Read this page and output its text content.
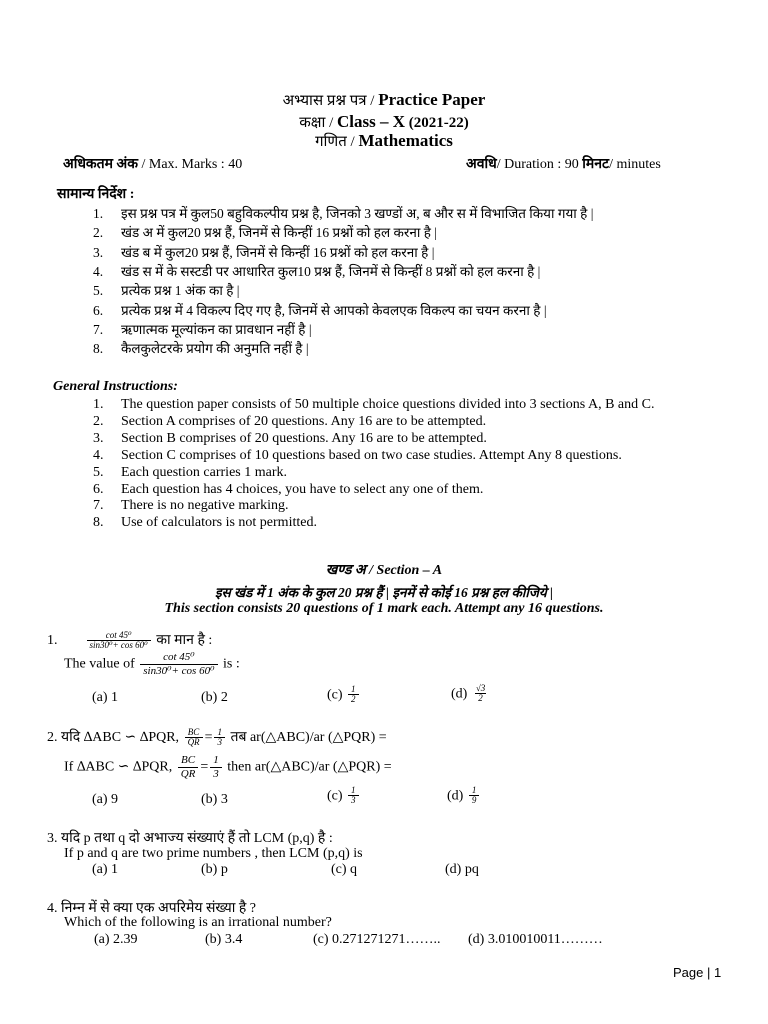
अभ्यास प्रश्न पत्र / Practice Paper
कक्षा / Class – X (2021-22)
गणित / Mathematics
अधिकतम अंक / Max. Marks : 40	अवधि/ Duration : 90 मिनट/ minutes
सामान्य निर्देश :
1. इस प्रश्न पत्र में कुल50 बहुविकल्पीय प्रश्न है, जिनको 3 खण्डों अ, ब और स में विभाजित किया गया है |
2. खंड अ में कुल20 प्रश्न हैं, जिनमें से किन्हीं 16 प्रश्नों को हल करना है |
3. खंड ब में कुल20 प्रश्न हैं, जिनमें से किन्हीं 16 प्रश्नों को हल करना है |
4. खंड स में के सस्टडी पर आधारित कुल10 प्रश्न हैं, जिनमें से किन्हीं 8 प्रश्नों को हल करना है |
5. प्रत्येक प्रश्न 1 अंक का है |
6. प्रत्येक प्रश्न में 4 विकल्प दिए गए है, जिनमें से आपको केवलएक विकल्प का चयन करना है |
7. ऋणात्मक मूल्यांकन का प्रावधान नहीं है |
8. कैलकुलेटरके प्रयोग की अनुमति नहीं है |
General Instructions:
1. The question paper consists of 50 multiple choice questions divided into 3 sections A, B and C.
2. Section A comprises of 20 questions. Any 16 are to be attempted.
3. Section B comprises of 20 questions. Any 16 are to be attempted.
4. Section C comprises of 10 questions based on two case studies. Attempt Any 8 questions.
5. Each question carries 1 mark.
6. Each question has 4 choices, you have to select any one of them.
7. There is no negative marking.
8. Use of calculators is not permitted.
खण्ड अ / Section – A
इस खंड में 1 अंक के कुल 20 प्रश्न हैं | इनमें से कोई 16 प्रश्न हल कीजिये |
This section consists 20 questions of 1 mark each. Attempt any 16 questions.
1.	$\frac{\text{cot 45⁰}}{\text{sin30⁰+ cos 60⁰}}$ का मान है :
The value of $\frac{\text{cot 45⁰}}{\text{sin30⁰+ cos 60⁰}}$ is :
(a) 1	(b) 2	$(c) \frac{1}{2}$	$(d) \frac{√3}{2}$
2. यदि ∆ABC ∽ ∆PQR, $\frac{BC}{QR} = \frac{1}{3}$ तब ar(△ABC)/ar (△PQR) =
If ∆ABC ∽ ∆PQR, $\frac{BC}{QR} = \frac{1}{3}$ then ar(△ABC)/ar (△PQR) =
(a) 9	(b) 3	$(c) \frac{1}{3}$	$(d) \frac{1}{9}$
3. यदि p तथा q दो अभाज्य संख्याएं हैं तो LCM (p,q) है :
If p and q are two prime numbers , then LCM (p,q) is
(a) 1	(b) p	(c) q	(d) pq
4. निम्न में से क्या एक अपरिमेय संख्या है ?
Which of the following is an irrational number?
(a) 2.39	(b) 3.4	(c) 0.271271271…….. (d) 3.010010011………
Page | 1
